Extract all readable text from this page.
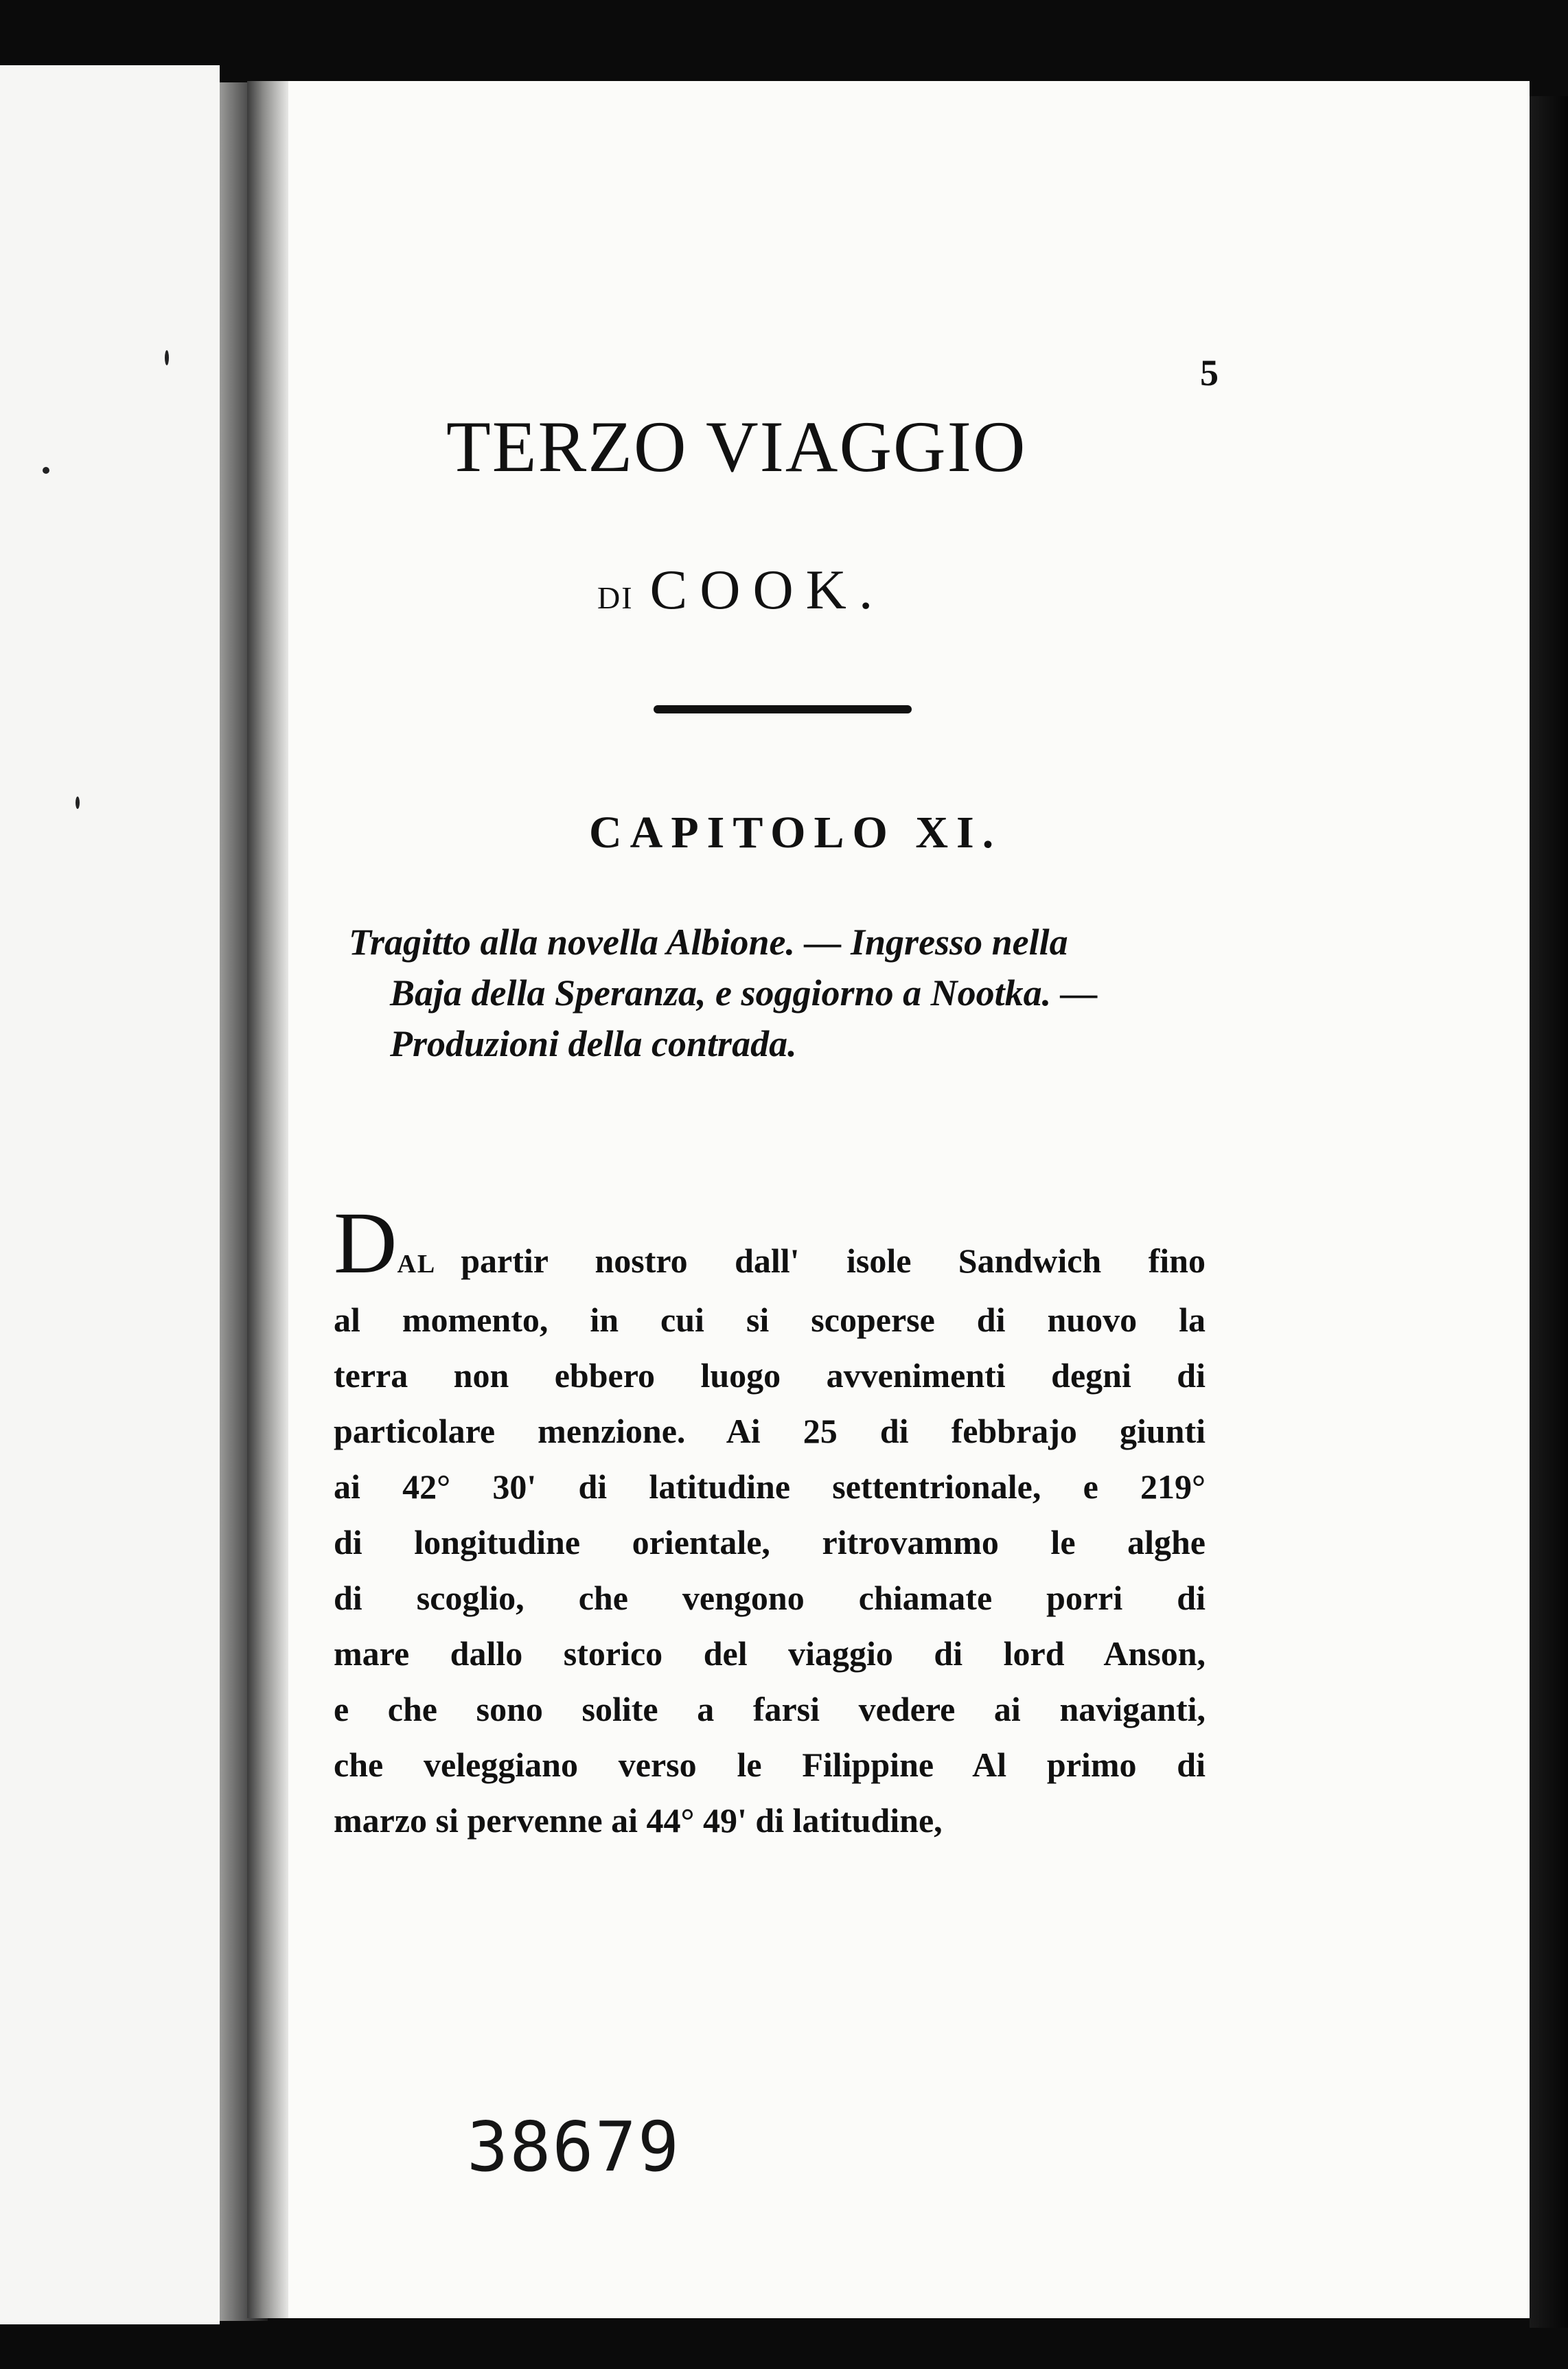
5
TERZO VIAGGIO
DI COOK.
CAPITOLO XI.
Tragitto alla novella Albione. — Ingresso nella
Baja della Speranza, e soggiorno a Nootka. —
Produzioni della contrada.
DAL partir nostro dall' isole Sandwich fino
al momento, in cui si scoperse di nuovo la
terra non ebbero luogo avvenimenti degni di
particolare menzione. Ai 25 di febbrajo giunti
ai 42° 30' di latitudine settentrionale, e 219°
di longitudine orientale, ritrovammo le alghe
di scoglio, che vengono chiamate porri di
mare dallo storico del viaggio di lord Anson,
e che sono solite a farsi vedere ai naviganti,
che veleggiano verso le Filippine Al primo di
marzo si pervenne ai 44° 49' di latitudine,
38679
